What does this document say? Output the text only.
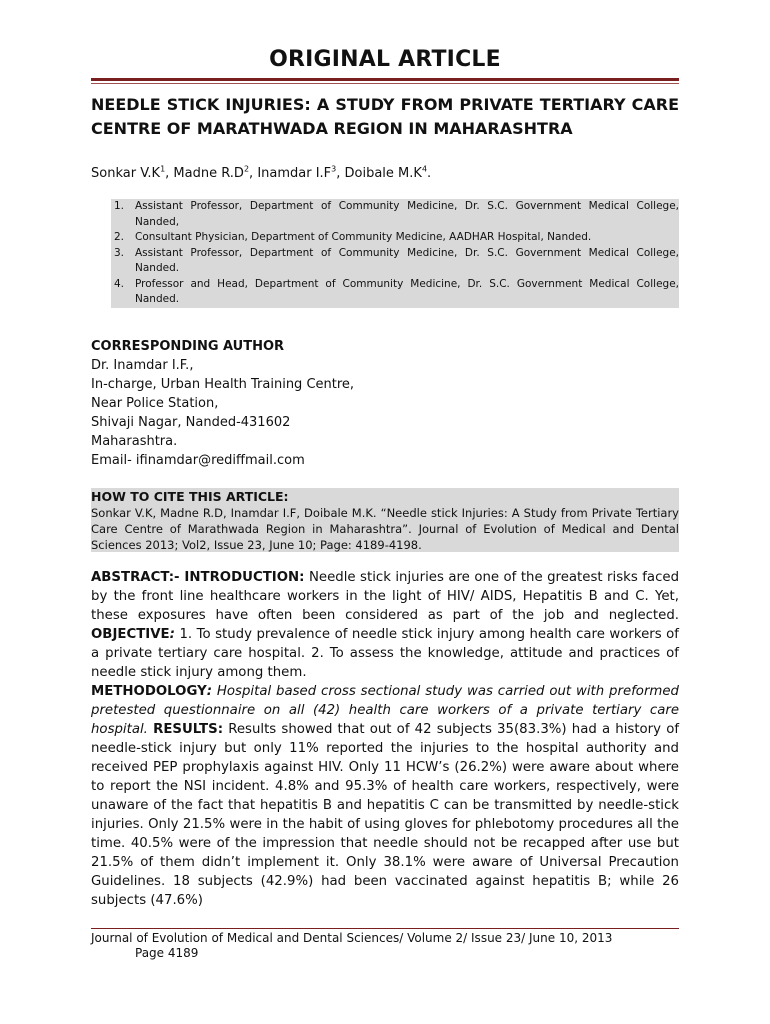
ORIGINAL ARTICLE
NEEDLE STICK INJURIES: A STUDY FROM PRIVATE TERTIARY CARE CENTRE OF MARATHWADA REGION IN MAHARASHTRA
Sonkar $V.K^1$, Madne $R.D^2$, Inamdar $I.F^3$, Doibale $M.K^4$.
1. Assistant Professor, Department of Community Medicine, Dr. S.C. Government Medical College, Nanded,
2. Consultant Physician, Department of Community Medicine, AADHAR Hospital, Nanded.
3. Assistant Professor, Department of Community Medicine, Dr. S.C. Government Medical College, Nanded.
4. Professor and Head, Department of Community Medicine, Dr. S.C. Government Medical College, Nanded.
CORRESPONDING AUTHOR
Dr. Inamdar I.F.,
In-charge, Urban Health Training Centre,
Near Police Station,
Shivaji Nagar, Nanded-431602
Maharashtra.
Email- ifinamdar@rediffmail.com
HOW TO CITE THIS ARTICLE:
Sonkar V.K, Madne R.D, Inamdar I.F, Doibale M.K. “Needle stick Injuries: A Study from Private Tertiary Care Centre of Marathwada Region in Maharashtra”. Journal of Evolution of Medical and Dental Sciences 2013; Vol2, Issue 23, June 10; Page: 4189-4198.

ABSTRACT:- INTRODUCTION: Needle stick injuries are one of the greatest risks faced by the front line healthcare workers in the light of HIV/ AIDS, Hepatitis B and C. Yet, these exposures have often been considered as part of the job and neglected. OBJECTIVE: 1. To study prevalence of needle stick injury among health care workers of a private tertiary care hospital. 2. To assess the knowledge, attitude and practices of needle stick injury among them.

METHODOLOGY: Hospital based cross sectional study was carried out with preformed pretested questionnaire on all (42) health care workers of a private tertiary care hospital. RESULTS: Results showed that out of 42 subjects 35(83.3%) had a history of needle-stick injury but only 11% reported the injuries to the hospital authority and received PEP prophylaxis against HIV. Only 11 HCW’s (26.2%) were aware about where to report the NSI incident. 4.8% and 95.3% of health care workers, respectively, were unaware of the fact that hepatitis B and hepatitis C can be transmitted by needle-stick injuries. Only 21.5% were in the habit of using gloves for phlebotomy procedures all the time. 40.5% were of the impression that needle should not be recapped after use but 21.5% of them didn’t implement it. Only 38.1% were aware of Universal Precaution Guidelines. 18 subjects (42.9%) had been vaccinated against hepatitis B; while 26 subjects (47.6%)

Journal of Evolution of Medical and Dental Sciences/ Volume 2/ Issue 23/ June 10, 2013
Page 4189
